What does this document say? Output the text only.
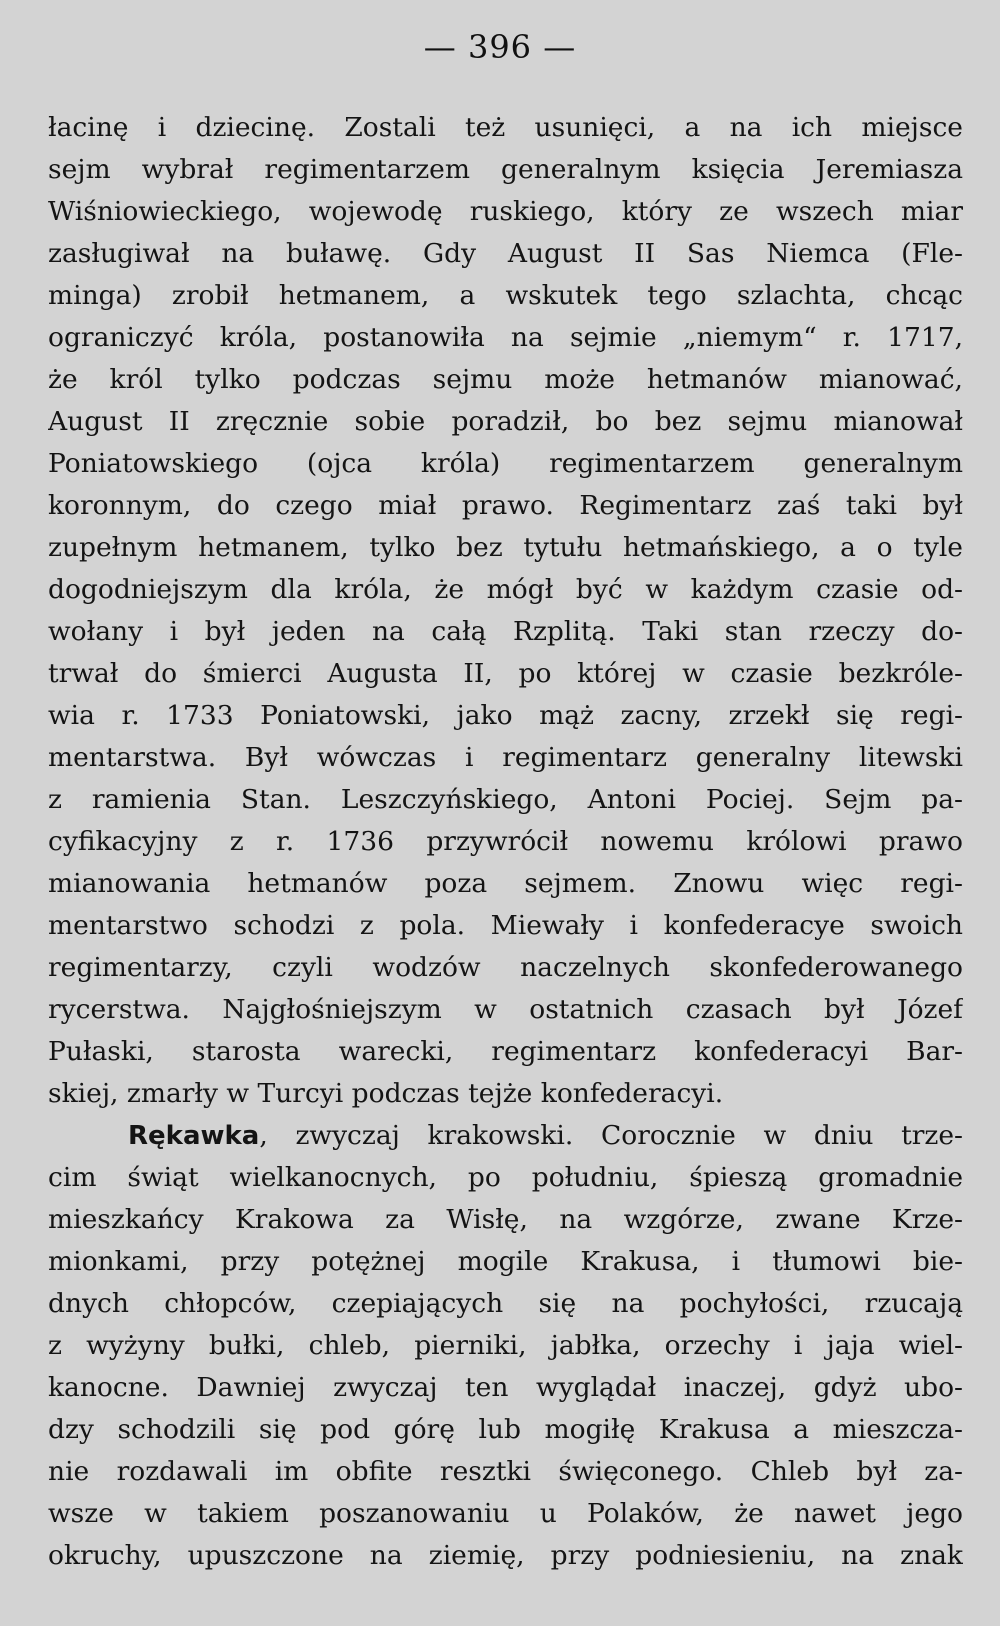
— 396 —
łacinę i dziecinę. Zostali też usunięci, a na ich miejsce
sejm wybrał regimentarzem generalnym księcia Jeremiasza
Wiśniowieckiego, wojewodę ruskiego, który ze wszech miar
zasługiwał na buławę. Gdy August II Sas Niemca (Fle-
minga) zrobił hetmanem, a wskutek tego szlachta, chcąc
ograniczyć króla, postanowiła na sejmie „niemym“ r. 1717,
że król tylko podczas sejmu może hetmanów mianować,
August II zręcznie sobie poradził, bo bez sejmu mianował
Poniatowskiego (ojca króla) regimentarzem generalnym
koronnym, do czego miał prawo. Regimentarz zaś taki był
zupełnym hetmanem, tylko bez tytułu hetmańskiego, a o tyle
dogodniejszym dla króla, że mógł być w każdym czasie od-
wołany i był jeden na całą Rzplitą. Taki stan rzeczy do-
trwał do śmierci Augusta II, po której w czasie bezkróle-
wia r. 1733 Poniatowski, jako mąż zacny, zrzekł się regi-
mentarstwa. Był wówczas i regimentarz generalny litewski
z ramienia Stan. Leszczyńskiego, Antoni Pociej. Sejm pa-
cyfikacyjny z r. 1736 przywrócił nowemu królowi prawo
mianowania hetmanów poza sejmem. Znowu więc regi-
mentarstwo schodzi z pola. Miewały i konfederacye swoich
regimentarzy, czyli wodzów naczelnych skonfederowanego
rycerstwa. Najgłośniejszym w ostatnich czasach był Józef
Pułaski, starosta warecki, regimentarz konfederacyi Bar-
skiej, zmarły w Turcyi podczas tejże konfederacyi.
Rękawka, zwyczaj krakowski. Corocznie w dniu trze-
cim świąt wielkanocnych, po południu, śpieszą gromadnie
mieszkańcy Krakowa za Wisłę, na wzgórze, zwane Krze-
mionkami, przy potężnej mogile Krakusa, i tłumowi bie-
dnych chłopców, czepiających się na pochyłości, rzucają
z wyżyny bułki, chleb, pierniki, jabłka, orzechy i jaja wiel-
kanocne. Dawniej zwyczaj ten wyglądał inaczej, gdyż ubo-
dzy schodzili się pod górę lub mogiłę Krakusa a mieszcza-
nie rozdawali im obfite resztki święconego. Chleb był za-
wsze w takiem poszanowaniu u Polaków, że nawet jego
okruchy, upuszczone na ziemię, przy podniesieniu, na znak
